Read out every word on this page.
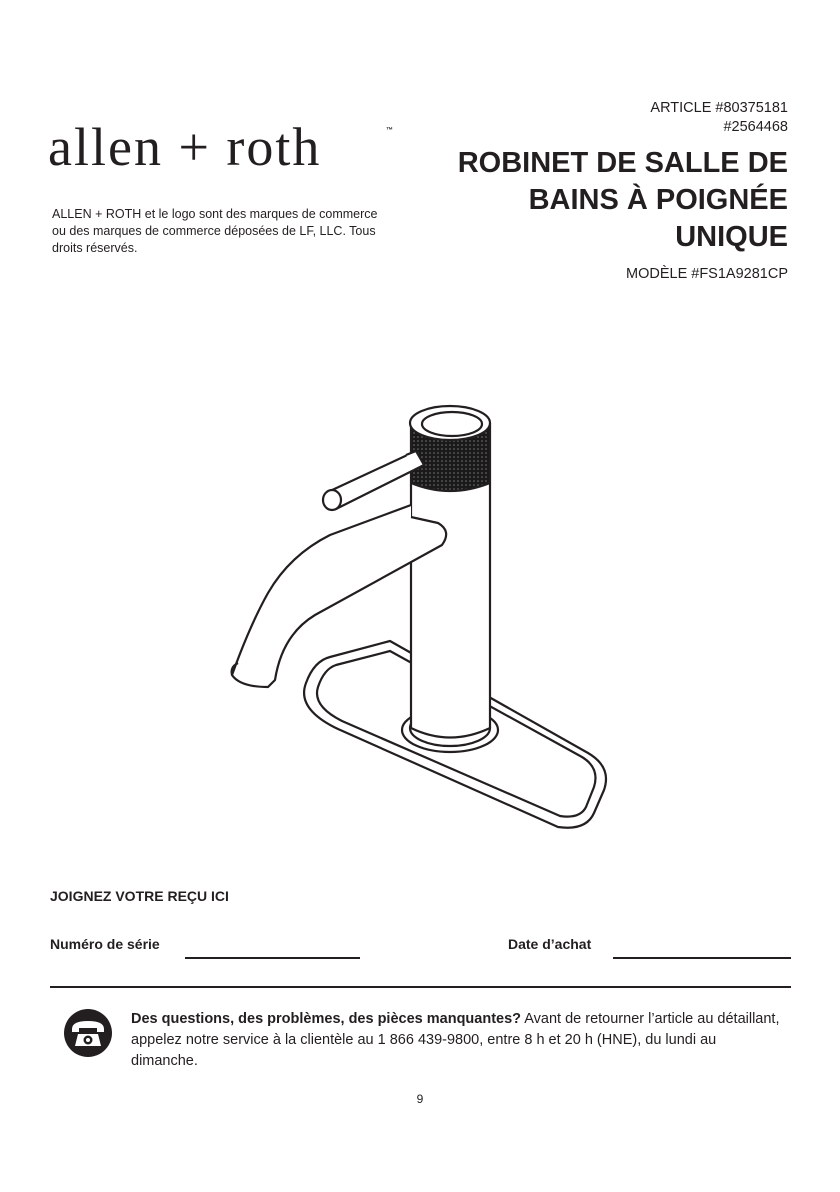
allen + roth	™
ALLEN + ROTH et le logo sont des marques de commerce ou des marques de commerce déposées de LF, LLC. Tous droits réservés.
ARTICLE #80375181
#2564468
ROBINET DE SALLE DE BAINS À POIGNÉE UNIQUE
MODÈLE #FS1A9281CP
JOIGNEZ VOTRE REÇU ICI
Numéro de série	Date d’achat
Des questions, des problèmes, des pièces manquantes? Avant de retourner l’article au détaillant, appelez notre service à la clientèle au 1 866 439-9800, entre 8 h et 20 h (HNE), du lundi au dimanche.
9
